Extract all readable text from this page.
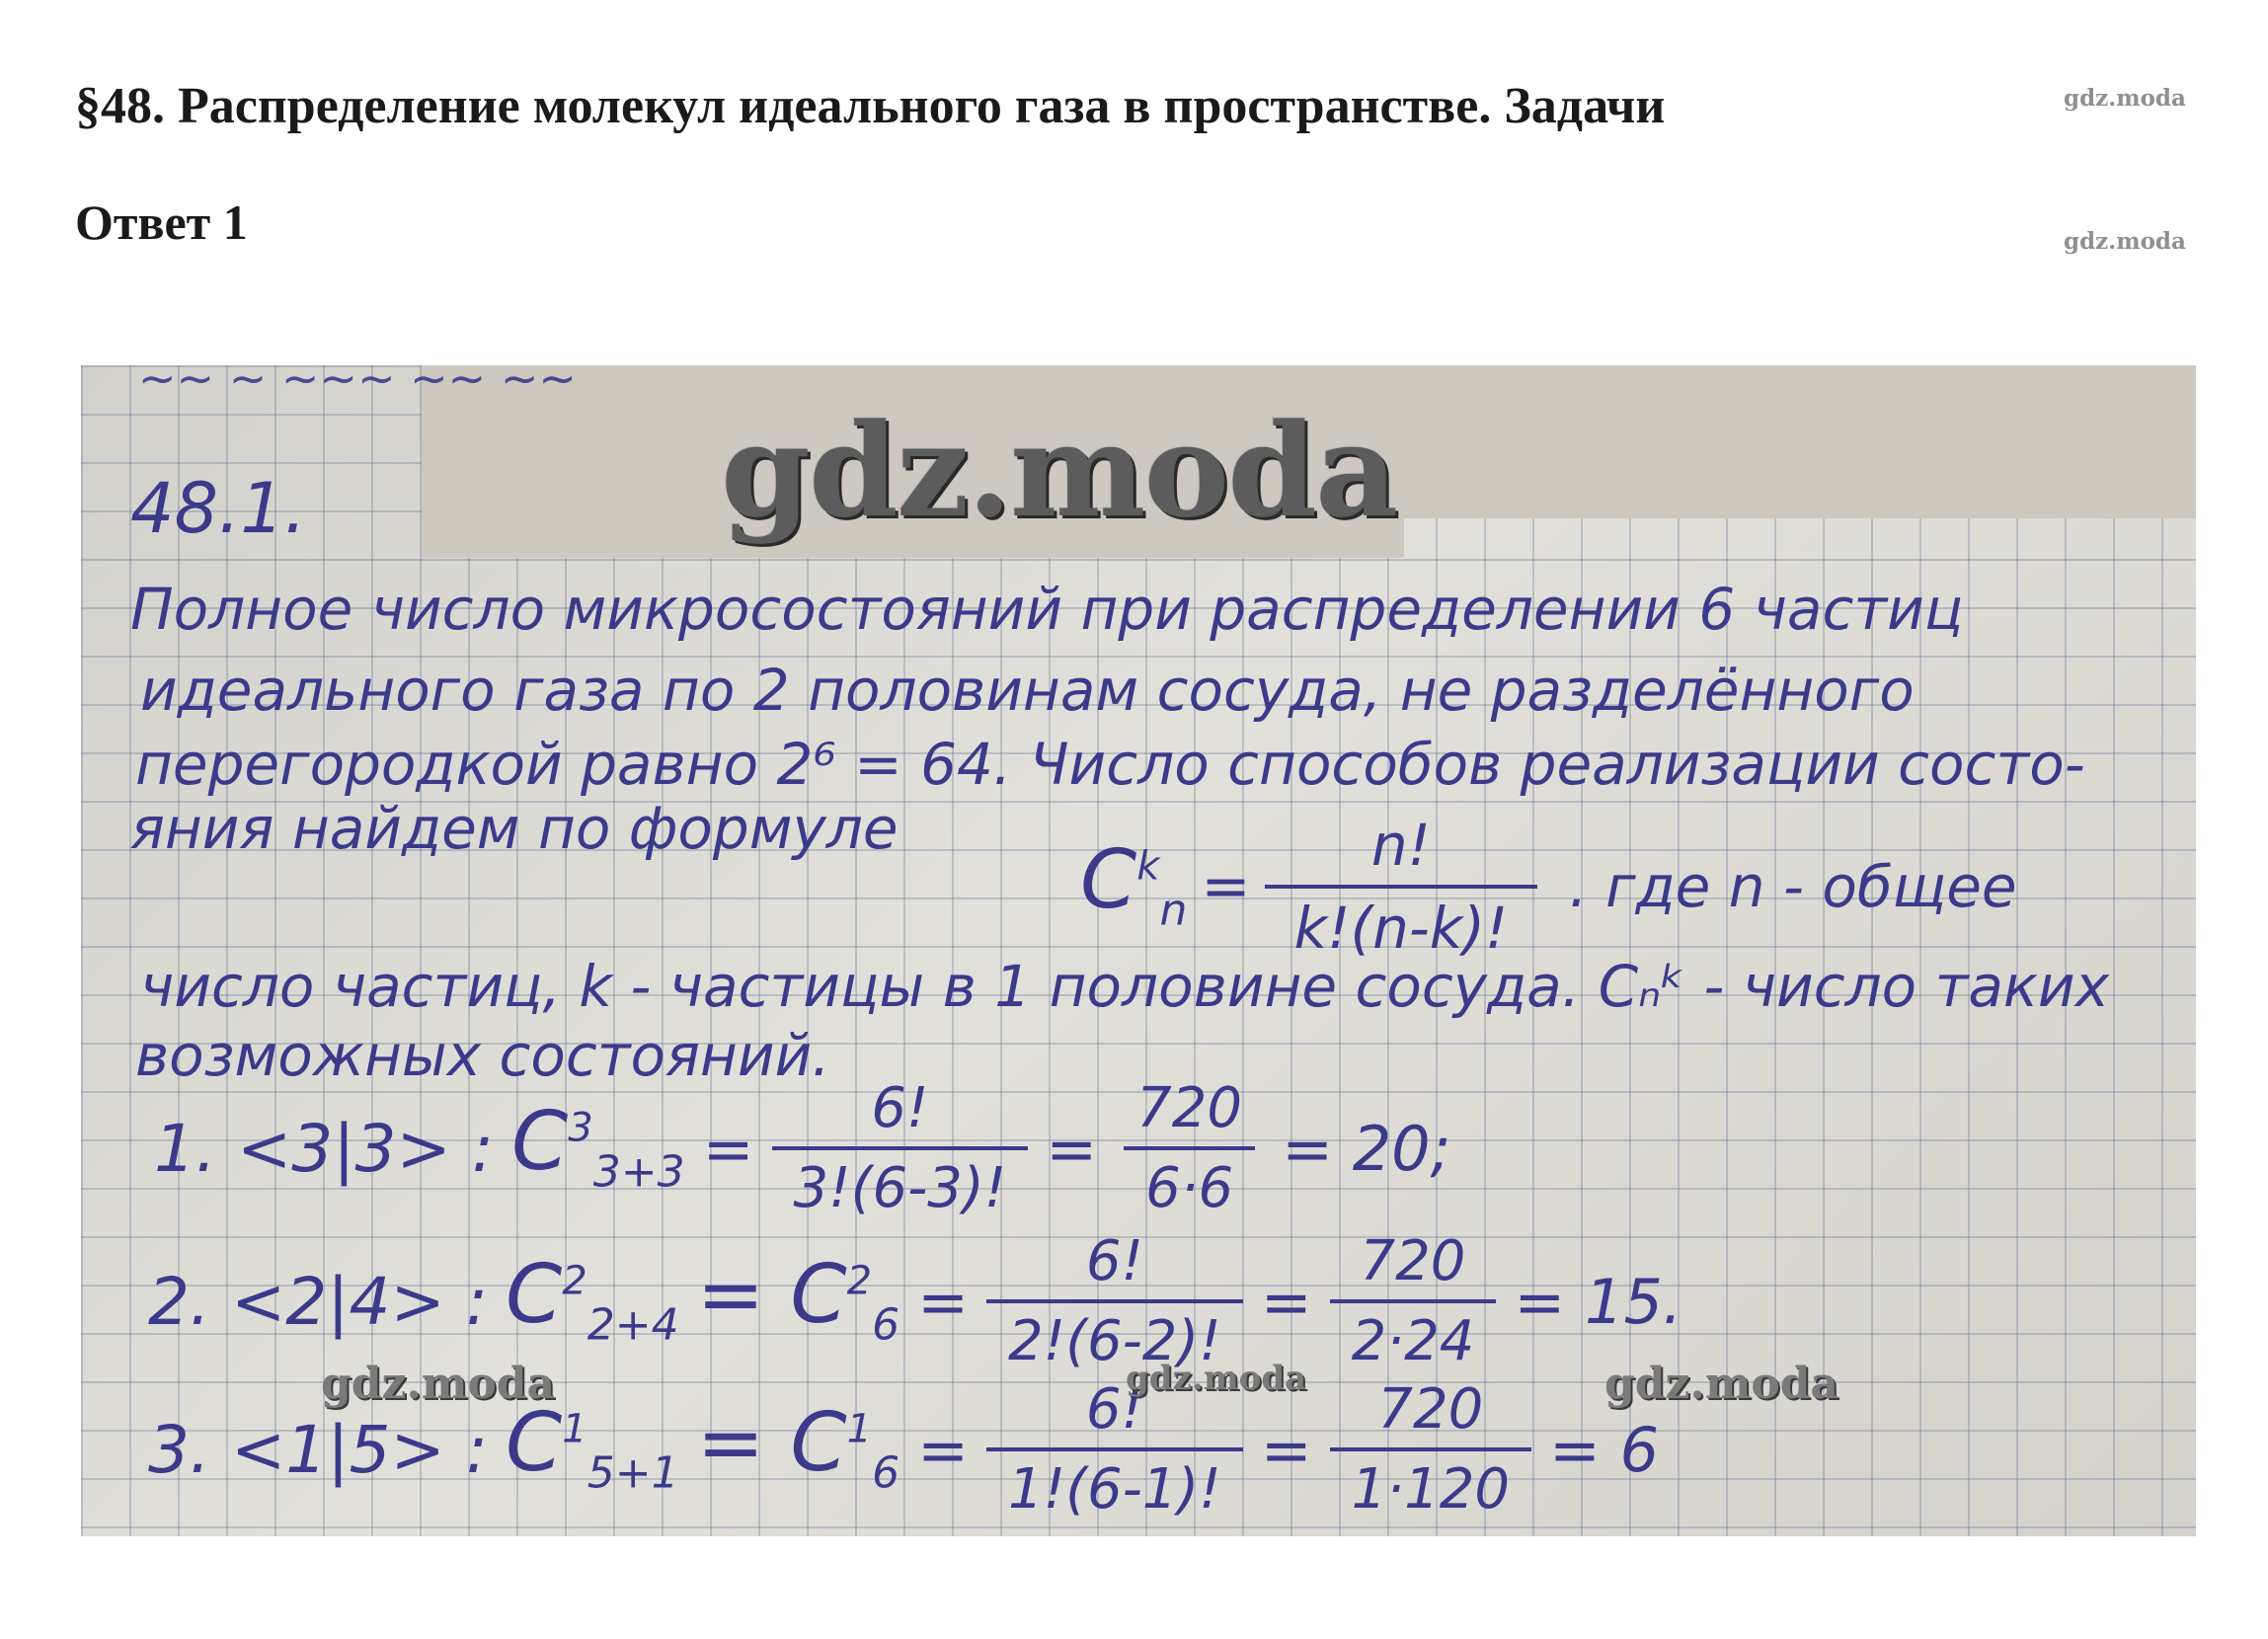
§48. Распределение молекул идеального газа в пространстве. Задачи
Ответ 1
gdz.moda
gdz.moda
~~ ~ ~~~ ~~ ~~
48.1.	gdz.moda
Полное число микросостояний при распределении 6 частиц
идеального газа по 2 половинам сосуда, не разделённого
перегородкой равно 2⁶ = 64. Число способов реализации состо-
яния найдем по формуле
$C^k_n = \frac{n!}{k!(n-k)!}$ . где n - общее
число частиц, k - частицы в 1 половине сосуда. Cₙᵏ - число таких
возможных состояний.
1. <3|3> : $C^3_{3+3} = \frac{6!}{3!(6-3)!} = \frac{720}{6\cdot 6} = 20$;
2. <2|4> : $C^2_{2+4} = C^2_6 = \frac{6!}{2!(6-2)!} = \frac{720}{2\cdot 24} = 15$.
3. <1|5> : $C^1_{5+1} = C^1_6 = \frac{6!}{1!(6-1)!} = \frac{720}{1\cdot 120} = 6$
gdz.moda	gdz.moda	gdz.moda
